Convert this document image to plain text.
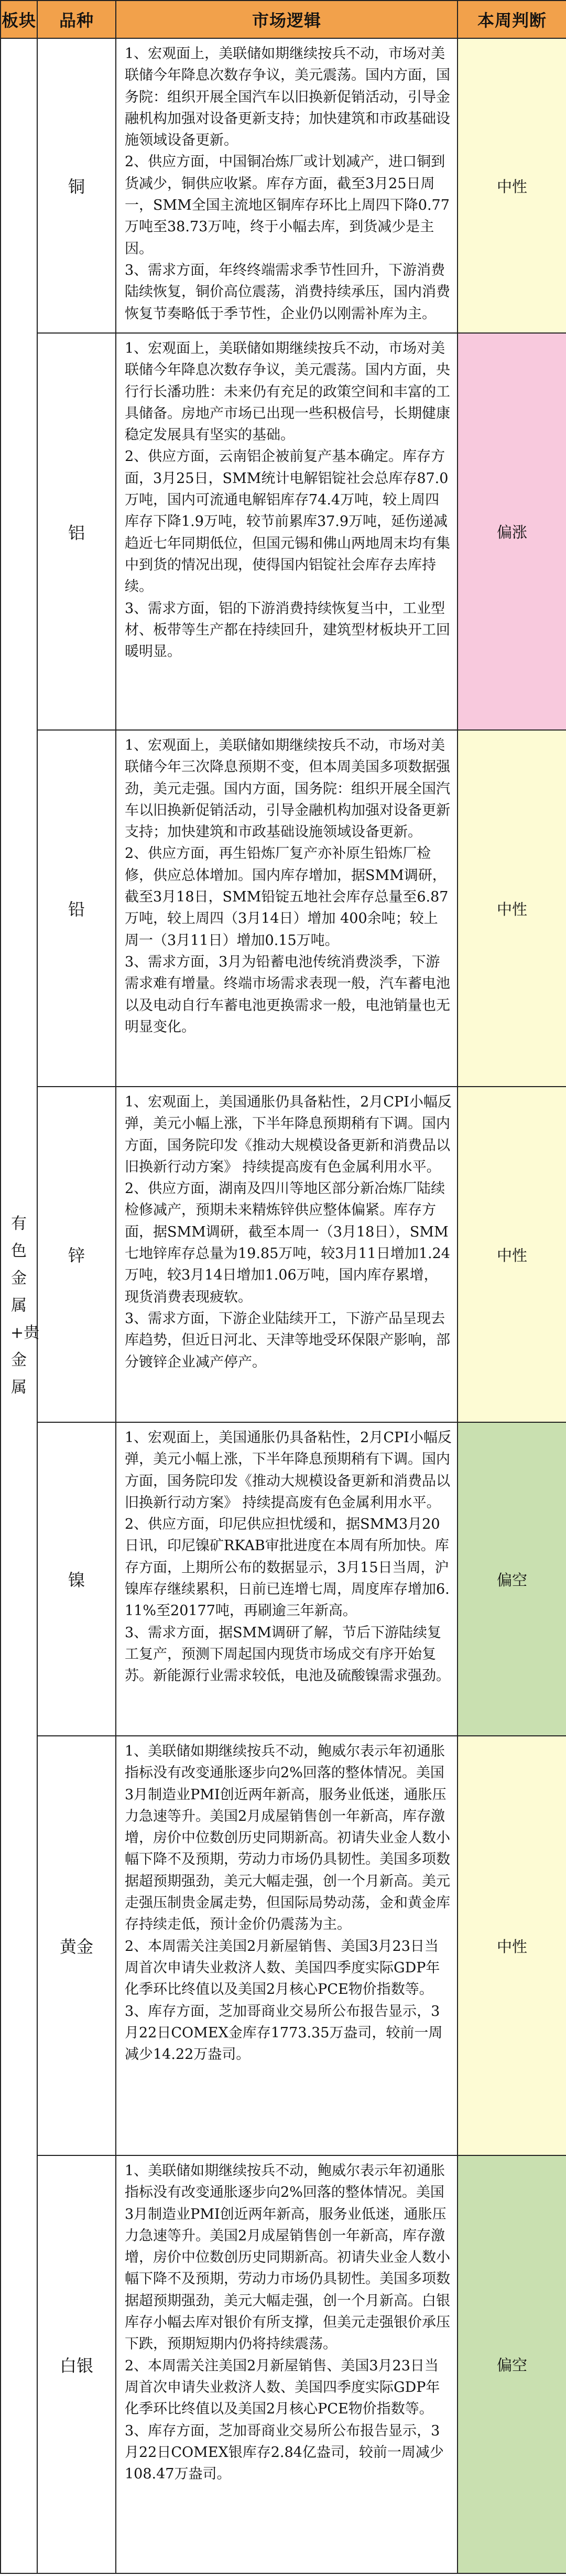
板块	品种	市场逻辑	本周判断
有色金属+贵金属	铜	1、宏观面上，美联储如期继续按兵不动，市场对美联储今年降息次数存争议，美元震荡。国内方面，国务院：组织开展全国汽车以旧换新促销活动，引导金融机构加强对设备更新支持；加快建筑和市政基础设施领域设备更新。

2、供应方面，中国铜冶炼厂或计划减产，进口铜到货减少，铜供应收紧。库存方面，截至3月25日周一，SMM全国主流地区铜库存环比上周四下降0.77万吨至38.73万吨，终于小幅去库，到货减少是主因。

3、需求方面，年终终端需求季节性回升，下游消费陆续恢复，铜价高位震荡，消费持续承压，国内消费恢复节奏略低于季节性，企业仍以刚需补库为主。	中性
	铝	1、宏观面上，美联储如期继续按兵不动，市场对美联储今年降息次数存争议，美元震荡。国内方面，央行行长潘功胜：未来仍有充足的政策空间和丰富的工具储备。房地产市场已出现一些积极信号，长期健康稳定发展具有坚实的基础。

2、供应方面，云南铝企被前复产基本确定。库存方面，3月25日，SMM统计电解铝锭社会总库存87.0万吨，国内可流通电解铝库存74.4万吨，较上周四库存下降1.9万吨，较节前累库37.9万吨，延伤递减趋近七年同期低位，但国元锡和佛山两地周末均有集中到货的情况出现，使得国内铝锭社会库存去库持续。

3、需求方面，铝的下游消费持续恢复当中，工业型材、板带等生产都在持续回升，建筑型材板块开工回暖明显。	偏涨
	铅	1、宏观面上，美联储如期继续按兵不动，市场对美联储今年三次降息预期不变，但本周美国多项数据强劲，美元走强。国内方面，国务院：组织开展全国汽车以旧换新促销活动，引导金融机构加强对设备更新支持；加快建筑和市政基础设施领域设备更新。

2、供应方面，再生铅炼厂复产亦补原生铅炼厂检修，供应总体增加。国内库存增加，据SMM调研，截至3月18日，SMM铅锭五地社会库存总量至6.87万吨，较上周四（3月14日）增加 400余吨；较上周一（3月11日）增加0.15万吨。

3、需求方面，3月为铅蓄电池传统消费淡季，下游需求难有增量。终端市场需求表现一般，汽车蓄电池以及电动自行车蓄电池更换需求一般，电池销量也无明显变化。	中性
	锌	1、宏观面上，美国通胀仍具备粘性，2月CPI小幅反弹，美元小幅上涨，下半年降息预期稍有下调。国内方面，国务院印发《推动大规模设备更新和消费品以旧换新行动方案》 持续提高废有色金属利用水平。

2、供应方面，湖南及四川等地区部分新冶炼厂陆续检修减产，预期未来精炼锌供应整体偏紧。库存方面，据SMM调研，截至本周一（3月18日），SMM七地锌库存总量为19.85万吨，较3月11日增加1.24万吨，较3月14日增加1.06万吨，国内库存累增，现货消费表现疲软。

3、需求方面，下游企业陆续开工，下游产品呈现去库趋势，但近日河北、天津等地受环保限产影响，部分镀锌企业减产停产。	中性
	镍	1、宏观面上，美国通胀仍具备粘性，2月CPI小幅反弹，美元小幅上涨，下半年降息预期稍有下调。国内方面，国务院印发《推动大规模设备更新和消费品以旧换新行动方案》 持续提高废有色金属利用水平。

2、供应方面，印尼供应担忧缓和，据SMM3月20日讯，印尼镍矿RKAB审批进度在本周有所加快。库存方面，上期所公布的数据显示，3月15日当周，沪镍库存继续累积，日前已连增七周，周度库存增加6.11%至20177吨，再刷逾三年新高。

3、需求方面，据SMM调研了解，节后下游陆续复工复产，预测下周起国内现货市场成交有序开始复苏。新能源行业需求较低，电池及硫酸镍需求强劲。	偏空
	黄金	1、美联储如期继续按兵不动，鲍威尔表示年初通胀指标没有改变通胀逐步向2%回落的整体情况。美国3月制造业PMI创近两年新高，服务业低迷，通胀压力急速等升。美国2月成屋销售创一年新高，库存激增，房价中位数创历史同期新高。初请失业金人数小幅下降不及预期，劳动力市场仍具韧性。美国多项数据超预期强劲，美元大幅走强，创一个月新高。美元走强压制贵金属走势，但国际局势动荡，金和黄金库存持续走低，预计金价仍震荡为主。

2、本周需关注美国2月新屋销售、美国3月23日当周首次申请失业救济人数、美国四季度实际GDP年化季环比终值以及美国2月核心PCE物价指数等。

3、库存方面，芝加哥商业交易所公布报告显示，3月22日COMEX金库存1773.35万盎司，较前一周减少14.22万盎司。	中性
	白银	1、美联储如期继续按兵不动，鲍威尔表示年初通胀指标没有改变通胀逐步向2%回落的整体情况。美国3月制造业PMI创近两年新高，服务业低迷，通胀压力急速等升。美国2月成屋销售创一年新高，库存激增，房价中位数创历史同期新高。初请失业金人数小幅下降不及预期，劳动力市场仍具韧性。美国多项数据超预期强劲，美元大幅走强，创一个月新高。白银库存小幅去库对银价有所支撑，但美元走强银价承压下跌，预期短期内仍将持续震荡。

2、本周需关注美国2月新屋销售、美国3月23日当周首次申请失业救济人数、美国四季度实际GDP年化季环比终值以及美国2月核心PCE物价指数等。

3、库存方面，芝加哥商业交易所公布报告显示，3月22日COMEX银库存2.84亿盎司，较前一周减少108.47万盎司。	偏空
